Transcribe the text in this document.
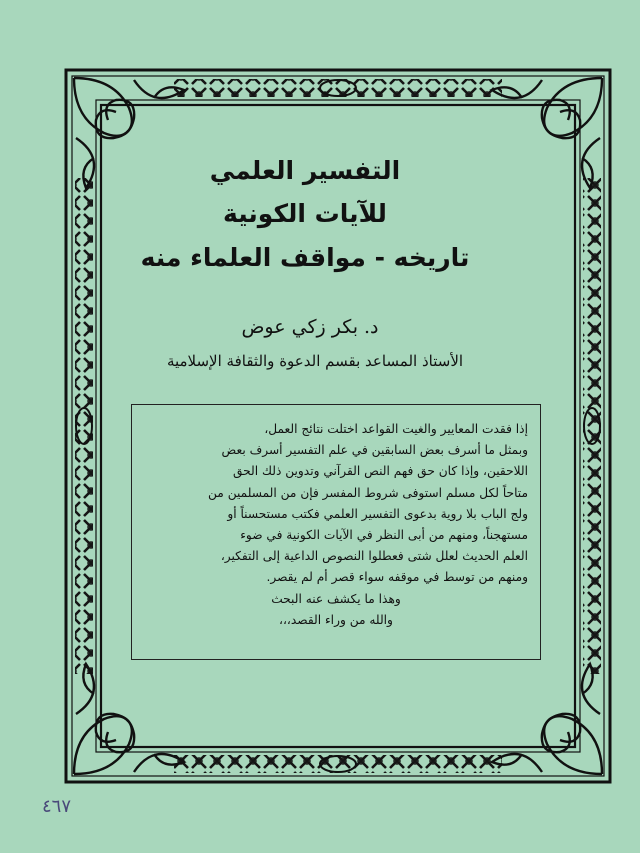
التفسير العلمي
للآيات الكونية
تاريخه - مواقف العلماء منه
د. بكر زكي عوض
الأستاذ المساعد بقسم الدعوة والثقافة الإسلامية

إذا فقدت المعايير والغيت القواعد اختلت نتائج العمل،

وبمثل ما أسرف بعض السابقين في علم التفسير أسرف بعض

اللاحقين، وإذا كان حق فهم النص القرآني وتدوين ذلك الحق

متاحاً لكل مسلم استوفى شروط المفسر فإن من المسلمين من

ولج الباب بلا روية بدعوى التفسير العلمي فكتب مستحسناً أو

مستهجناً، ومنهم من أبى النظر في الآيات الكونية في ضوء

العلم الحديث لعلل شتى فعطلوا النصوص الداعية إلى التفكير،

ومنهم من توسط في موقفه سواء قصر أم لم يقصر.

وهذا ما يكشف عنه البحث

والله من وراء القصد،،،

٤٦٧
